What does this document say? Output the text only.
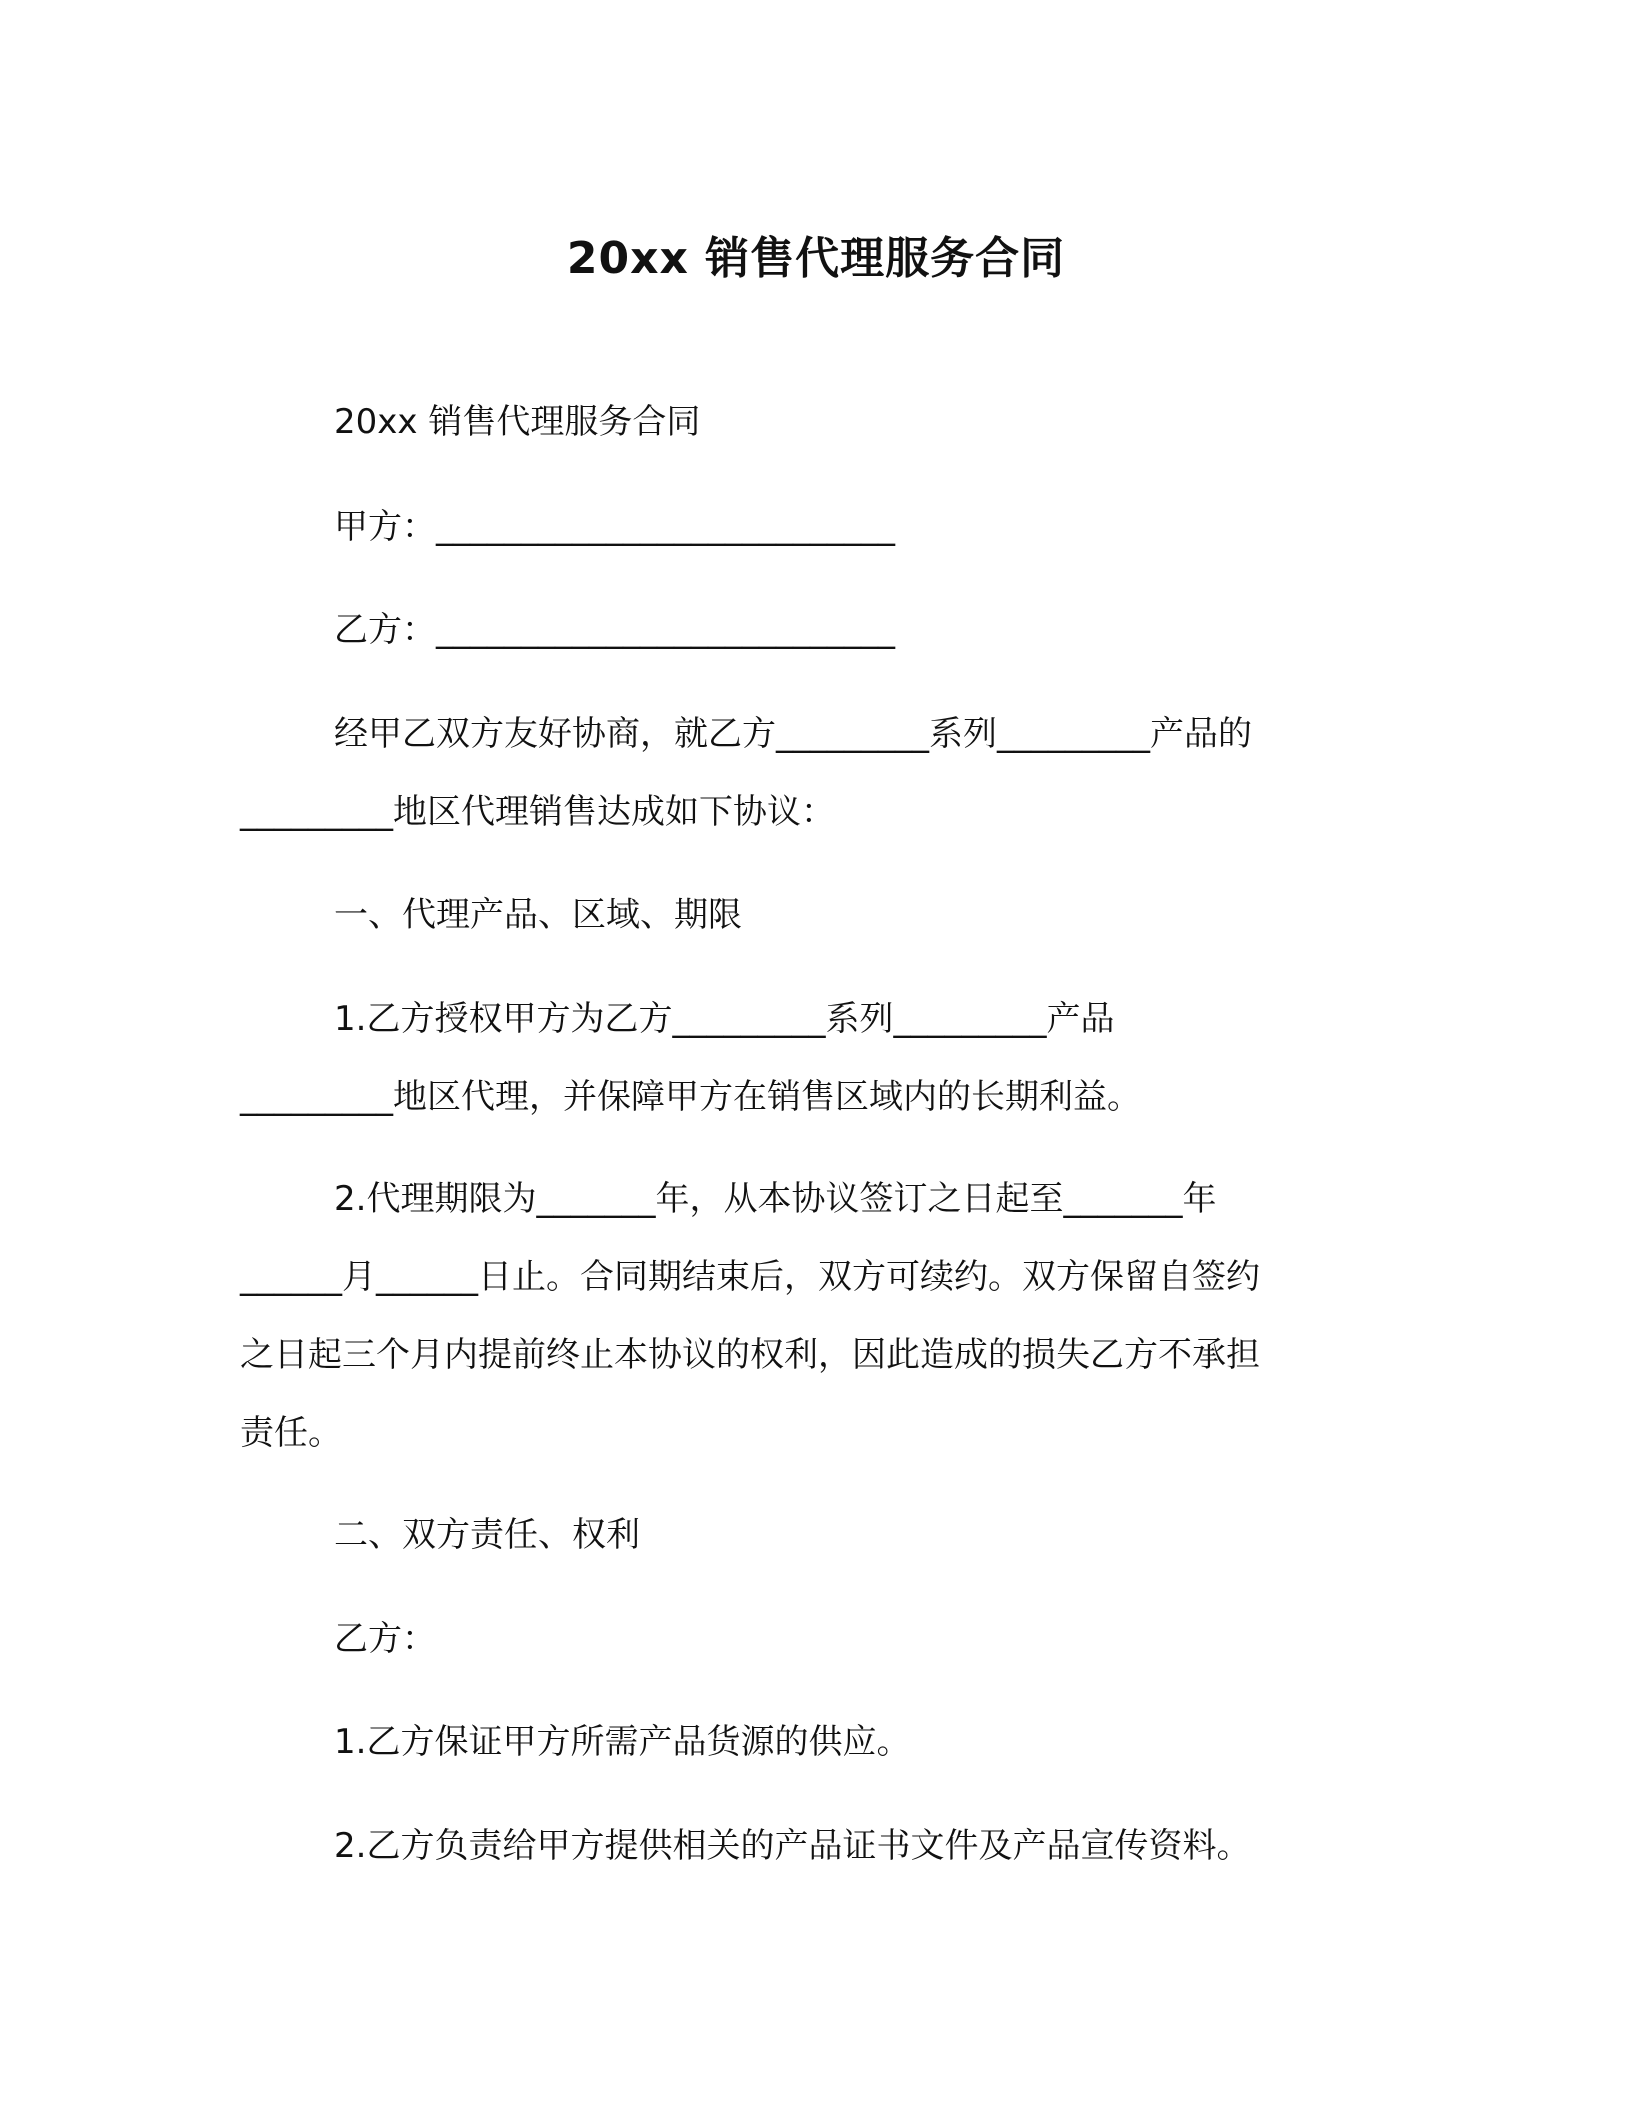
20xx 销售代理服务合同
20xx 销售代理服务合同
甲方：___________________________
乙方：___________________________
经甲乙双方友好协商，就乙方_________系列_________产品的
_________地区代理销售达成如下协议：
一、代理产品、区域、期限
1.乙方授权甲方为乙方_________系列_________产品
_________地区代理，并保障甲方在销售区域内的长期利益。
2.代理期限为_______年，从本协议签订之日起至_______年
______月______日止。合同期结束后，双方可续约。双方保留自签约
之日起三个月内提前终止本协议的权利，因此造成的损失乙方不承担
责任。
二、双方责任、权利
乙方：
1.乙方保证甲方所需产品货源的供应。
2.乙方负责给甲方提供相关的产品证书文件及产品宣传资料。
